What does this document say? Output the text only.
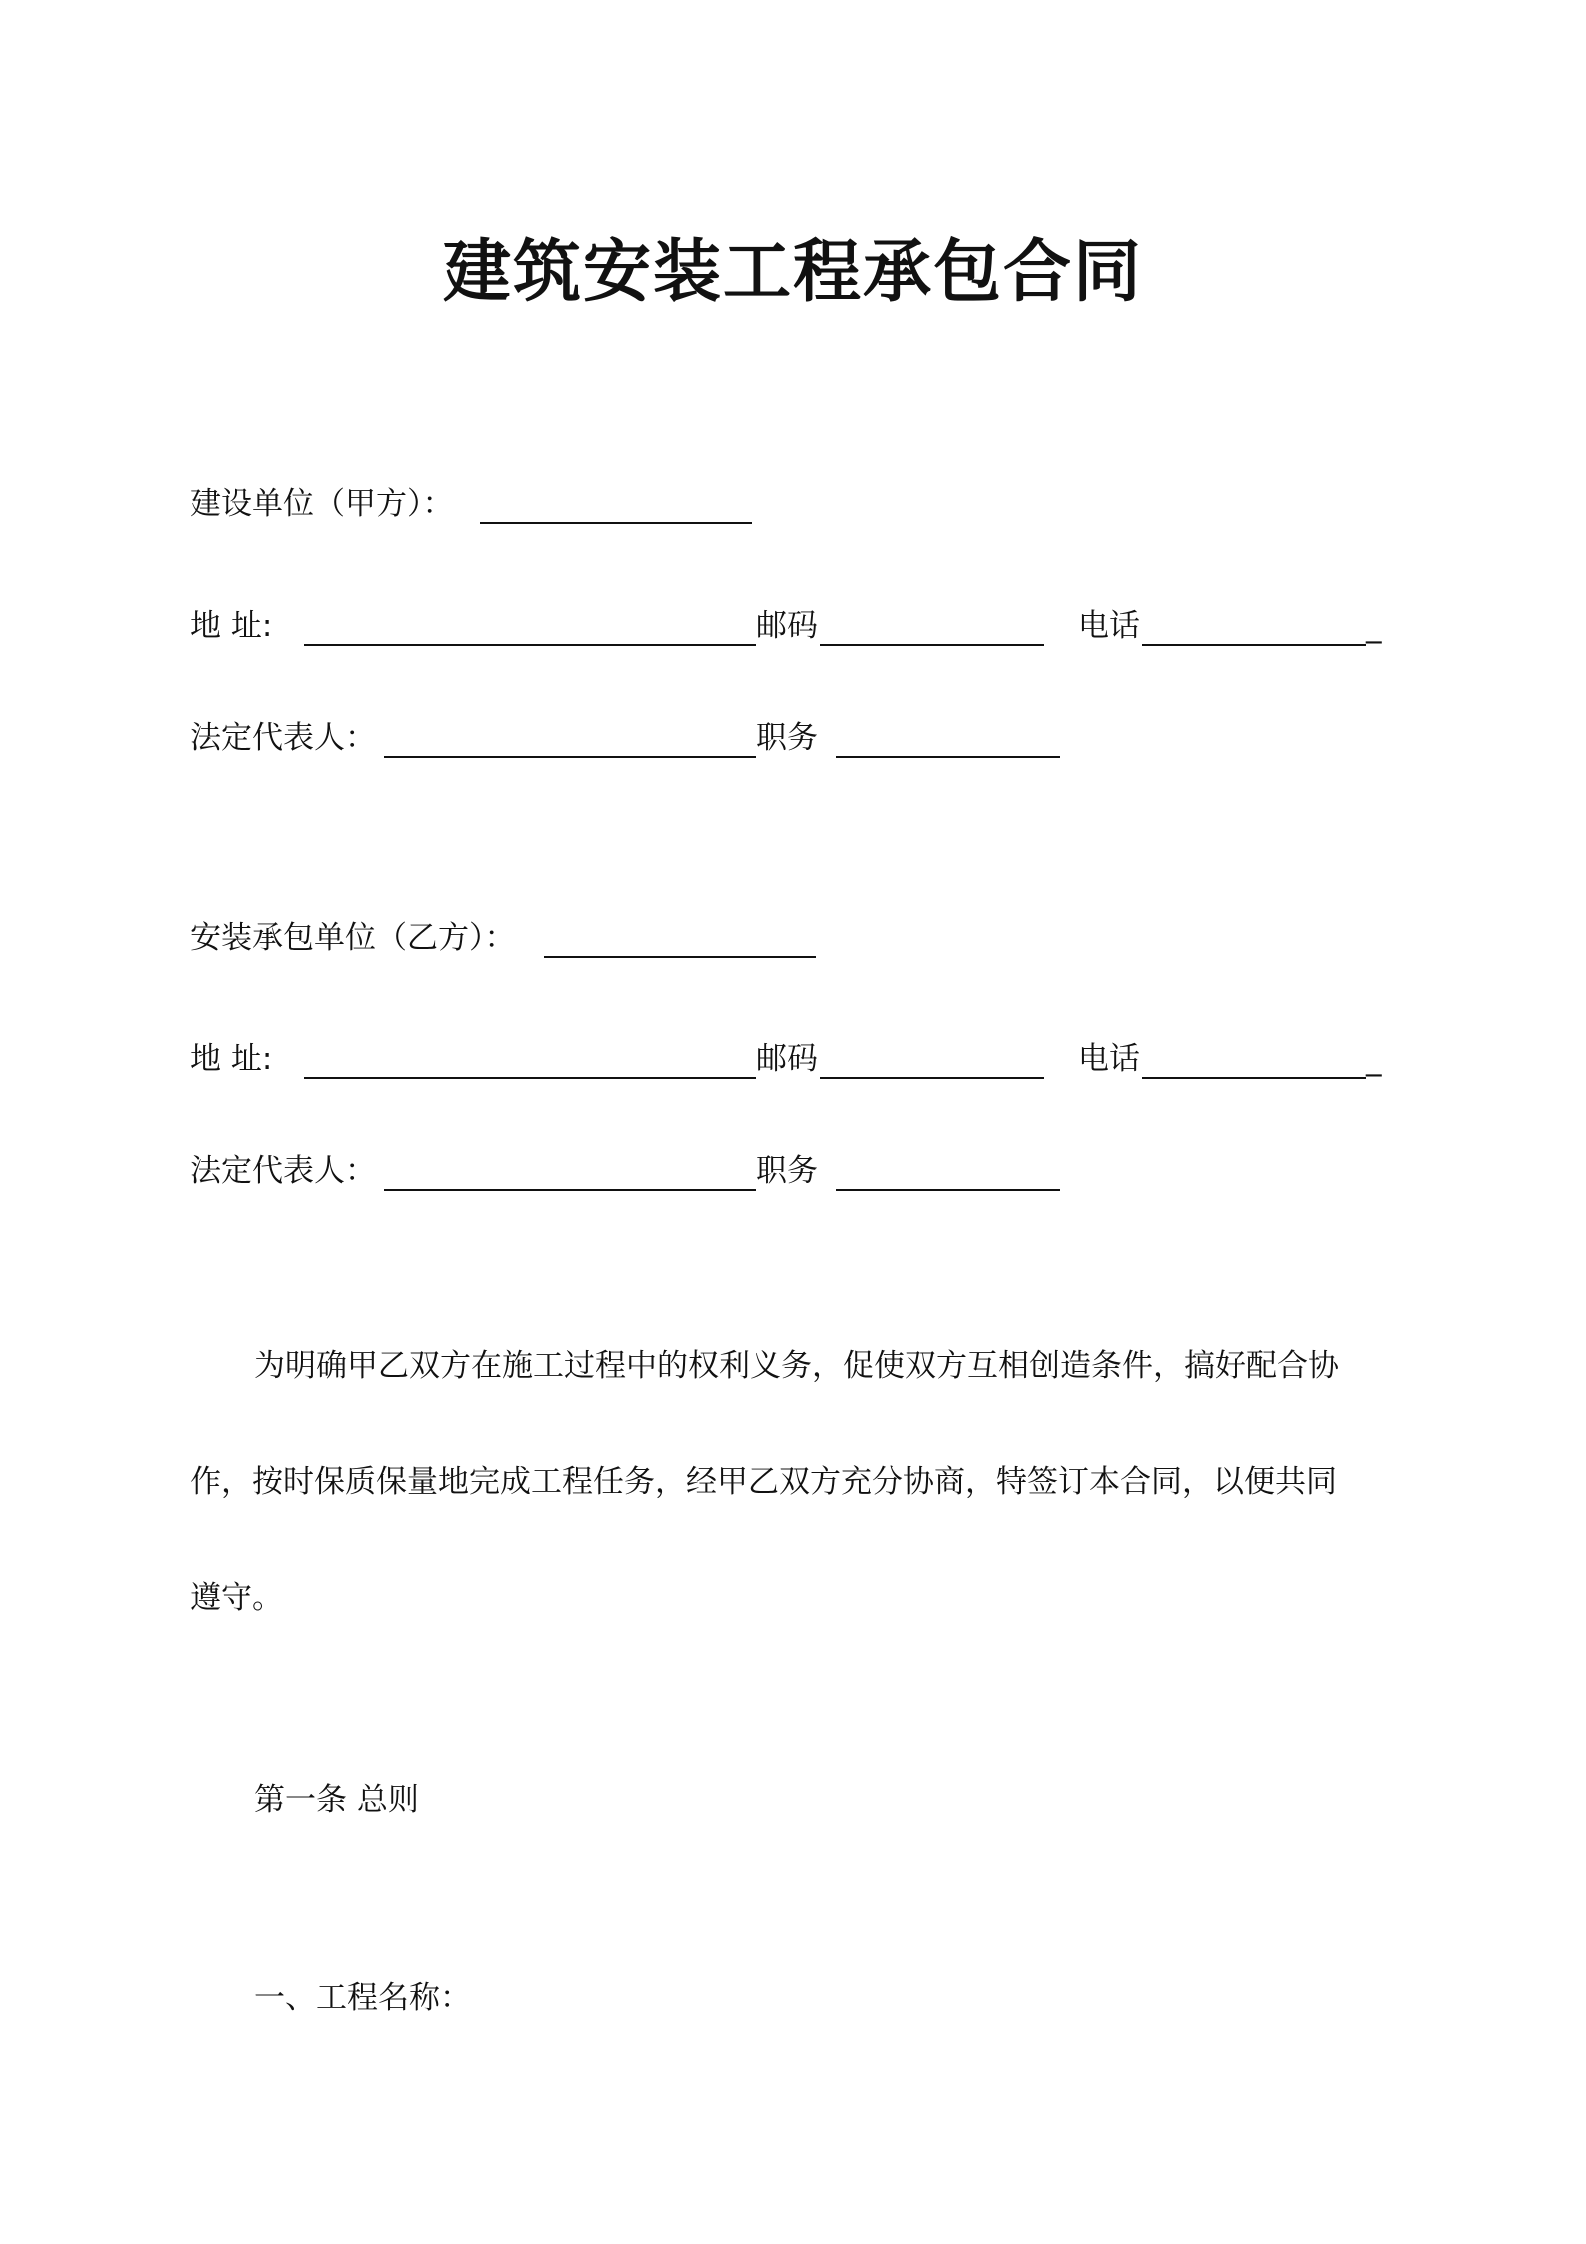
建筑安装工程承包合同
建设单位（甲方）：
地 址:	邮码	电话	_
法定代表人：	职务
安装承包单位（乙方）：
地 址:	邮码	电话	_
法定代表人：	职务
为明确甲乙双方在施工过程中的权利义务，促使双方互相创造条件，搞好配合协
作，按时保质保量地完成工程任务，经甲乙双方充分协商，特签订本合同，以便共同
遵守。
第一条 总则
一、工程名称：
